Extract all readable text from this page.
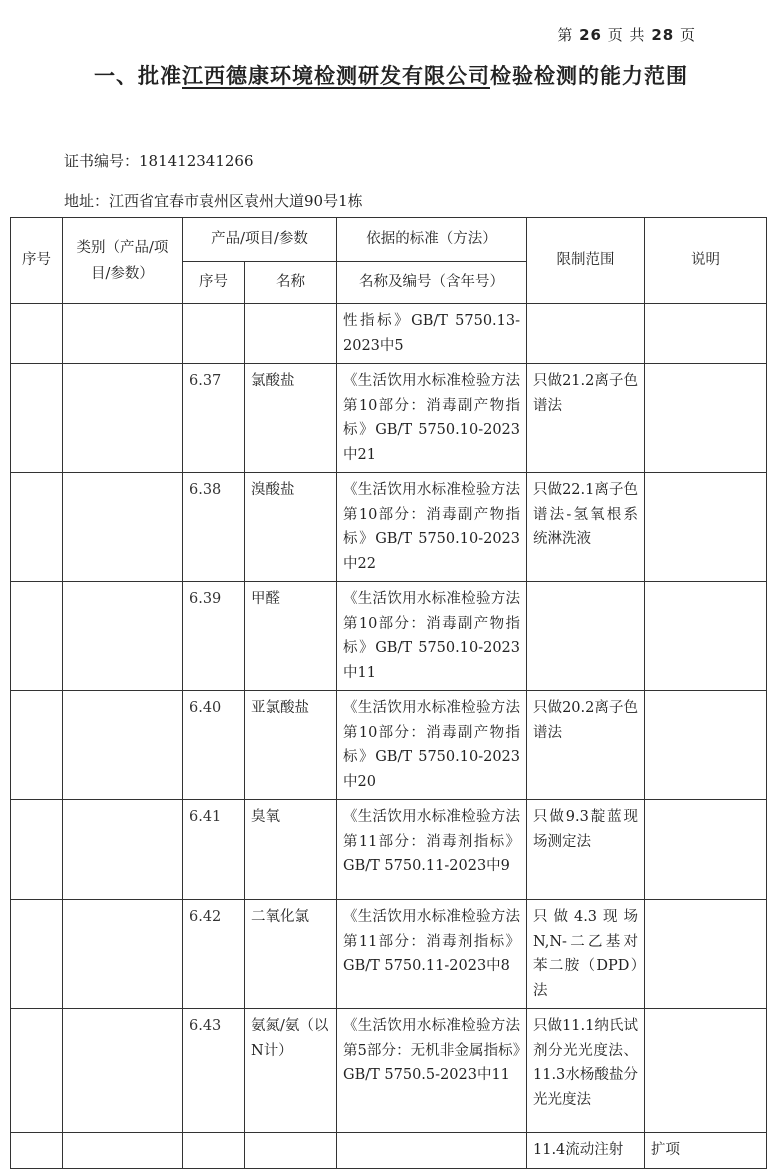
第 26 页 共 28 页
一、批准江西德康环境检测研发有限公司检验检测的能力范围
证书编号：181412341266
地址：江西省宜春市袁州区袁州大道90号1栋
序号	类别（产品/项目/参数）	产品/项目/参数		依据的标准（方法）	限制范围	说明
		序号	名称	名称及编号（含年号）		
				性指标》GB/T 5750.13-2023中5		
		6.37	氯酸盐	《生活饮用水标准检验方法 第10部分：消毒副产物指标》GB/T 5750.10-2023中21	只做21.2离子色谱法	
		6.38	溴酸盐	《生活饮用水标准检验方法 第10部分：消毒副产物指标》GB/T 5750.10-2023中22	只做22.1离子色谱法-氢氧根系统淋洗液	
		6.39	甲醛	《生活饮用水标准检验方法 第10部分：消毒副产物指标》GB/T 5750.10-2023中11		
		6.40	亚氯酸盐	《生活饮用水标准检验方法 第10部分：消毒副产物指标》GB/T 5750.10-2023中20	只做20.2离子色谱法	
		6.41	臭氧	《生活饮用水标准检验方法 第11部分：消毒剂指标》GB/T 5750.11-2023中9	只做9.3靛蓝现场测定法	
		6.42	二氧化氯	《生活饮用水标准检验方法 第11部分：消毒剂指标》GB/T 5750.11-2023中8	只做4.3现场N,N-二乙基对苯二胺（DPD）法	
		6.43	氨氮/氨（以N计）	《生活饮用水标准检验方法 第5部分：无机非金属指标》GB/T 5750.5-2023中11	只做11.1纳氏试剂分光光度法、11.3水杨酸盐分光光度法	
					11.4流动注射	扩项
